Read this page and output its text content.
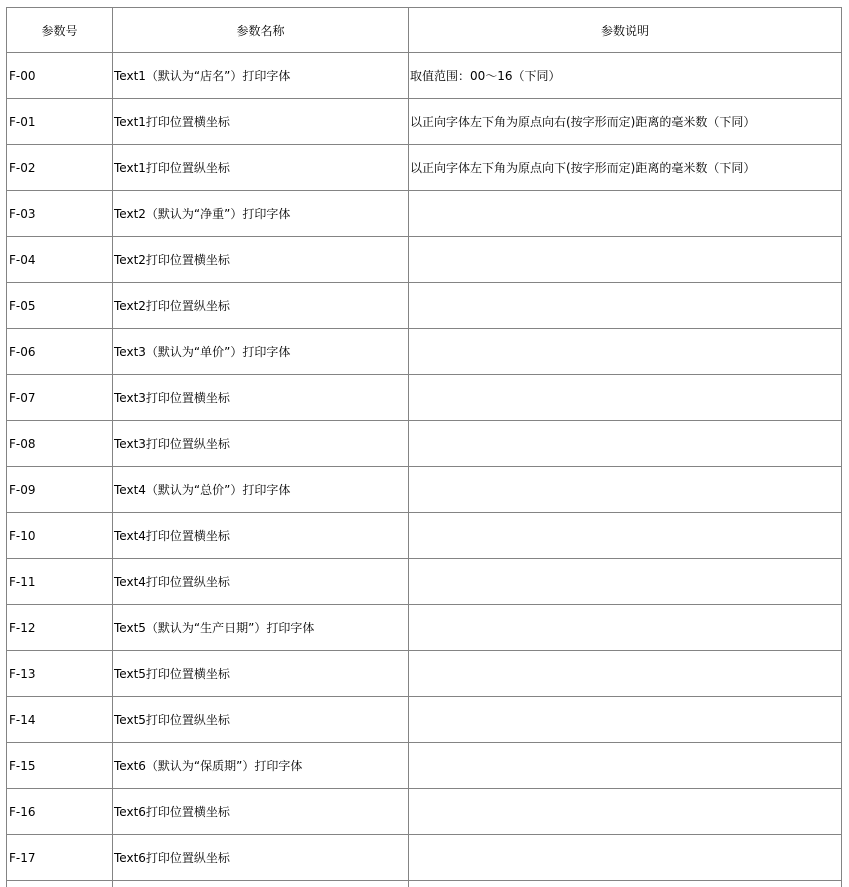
参数号	参数名称	参数说明
F-00	Text1（默认为“店名”）打印字体	取值范围：00～16（下同）
F-01	Text1打印位置横坐标	以正向字体左下角为原点向右(按字形而定)距离的毫米数（下同）
F-02	Text1打印位置纵坐标	以正向字体左下角为原点向下(按字形而定)距离的毫米数（下同）
F-03	Text2（默认为“净重”）打印字体	
F-04	Text2打印位置横坐标	
F-05	Text2打印位置纵坐标	
F-06	Text3（默认为“单价”）打印字体	
F-07	Text3打印位置横坐标	
F-08	Text3打印位置纵坐标	
F-09	Text4（默认为“总价”）打印字体	
F-10	Text4打印位置横坐标	
F-11	Text4打印位置纵坐标	
F-12	Text5（默认为“生产日期”）打印字体	
F-13	Text5打印位置横坐标	
F-14	Text5打印位置纵坐标	
F-15	Text6（默认为“保质期”）打印字体	
F-16	Text6打印位置横坐标	
F-17	Text6打印位置纵坐标	
